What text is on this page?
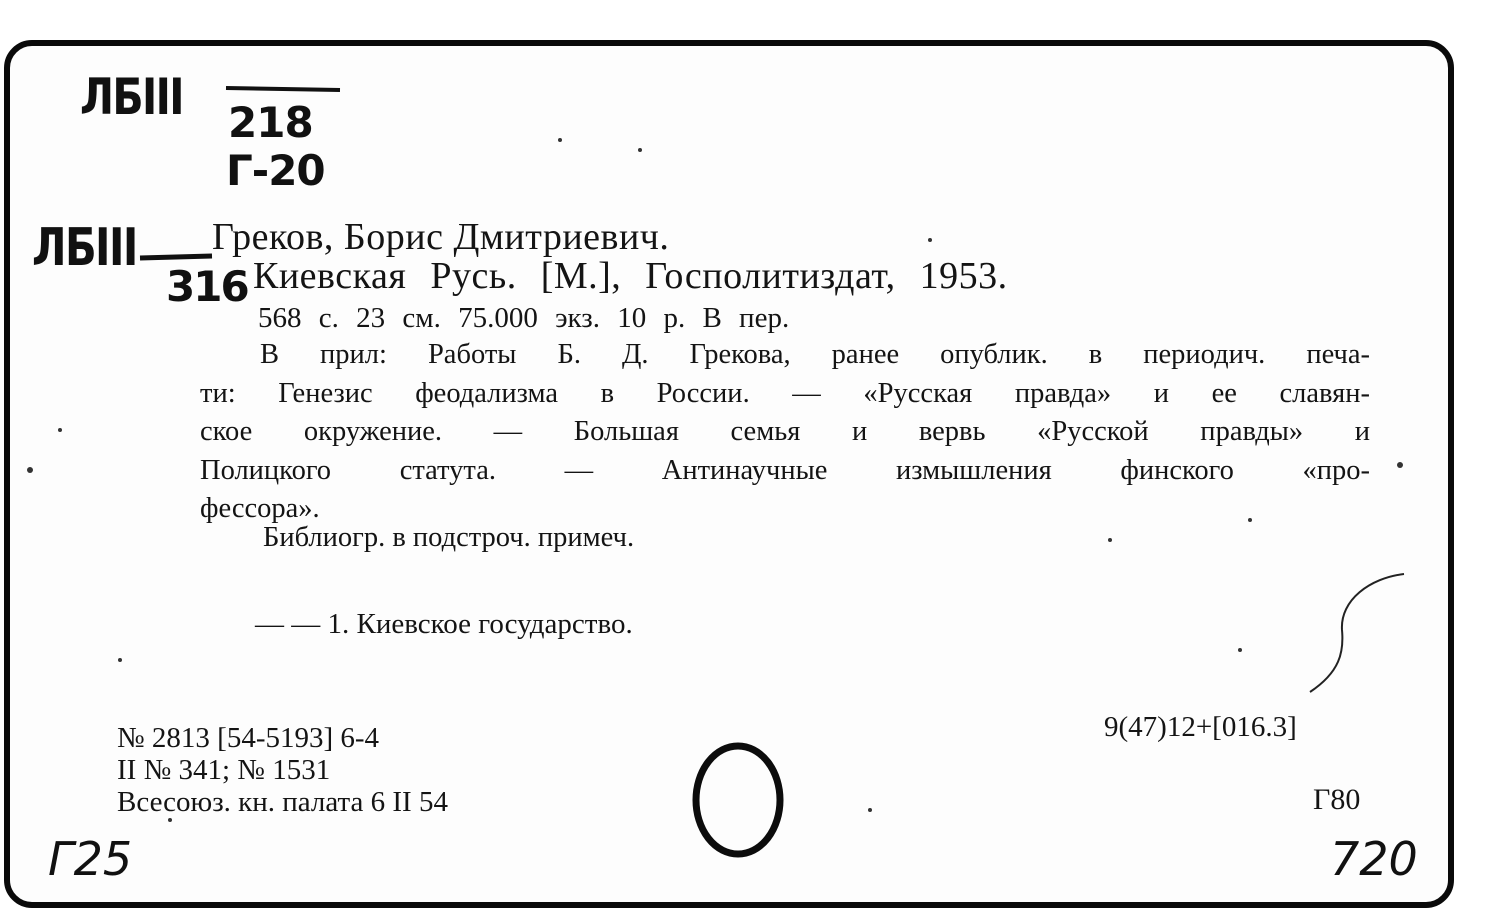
ЛБIII 218
Г-20
ЛБIII
316
Греков, Борис Дмитриевич.
Киевская Русь. [М.], Госполитиздат, 1953.
568 с. 23 см. 75.000 экз. 10 р. В пер.
В прил: Работы Б. Д. Грекова, ранее опублик. в периодич. печа-
ти: Генезис феодализма в России. — «Русская правда» и ее славян-
ское окружение. — Большая семья и вервь «Русской правды» и
Полицкого статута. — Антинаучные измышления финского «про-
фессора».
Библиогр. в подстроч. примеч.
— — 1. Киевское государство.
№ 2813 [54-5193] 6-4
II № 341; № 1531
Всесоюз. кн. палата 6 II 54
9(47)12+[016.3]
Г80
Г25	720
